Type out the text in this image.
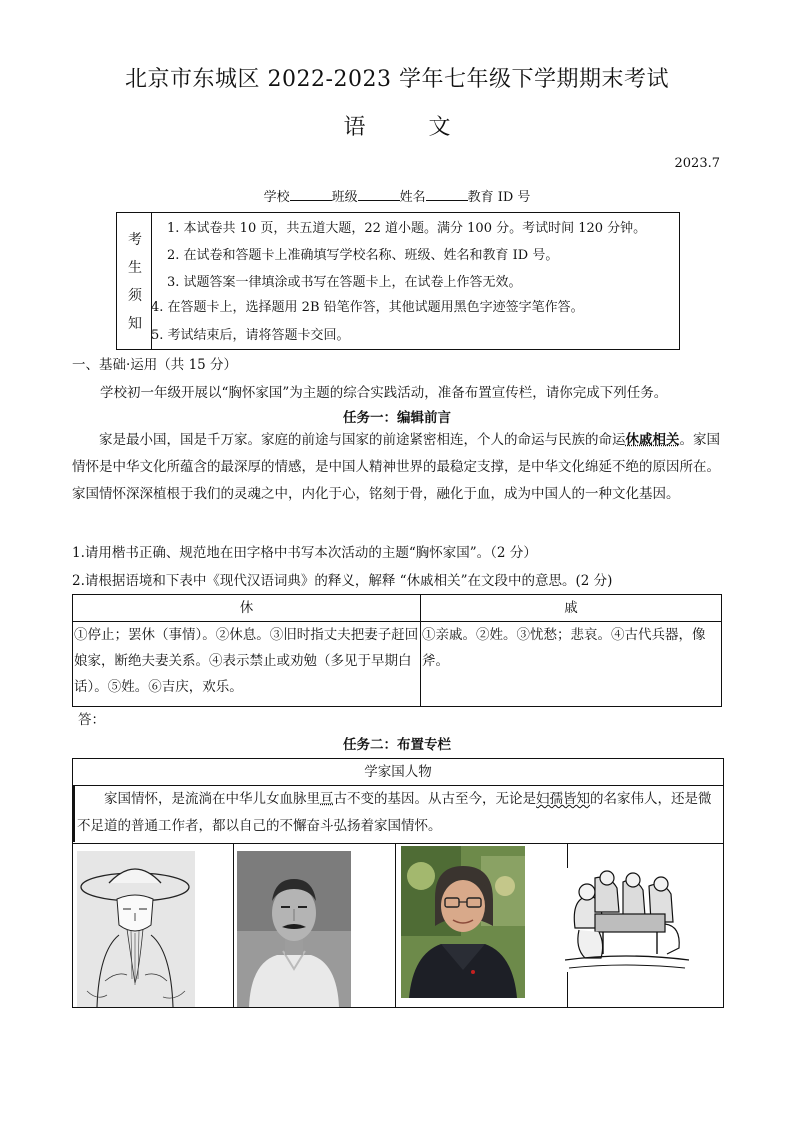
北京市东城区 2022-2023 学年七年级下学期期末考试
语	文
2023.7
学校	班级	姓名	教育 ID 号
考
生
须
知
1. 本试卷共 10 页，共五道大题，22 道小题。满分 100 分。考试时间 120 分钟。
2. 在试卷和答题卡上准确填写学校名称、班级、姓名和教育 ID 号。
3. 试题答案一律填涂或书写在答题卡上，在试卷上作答无效。
4. 在答题卡上，选择题用 2B 铅笔作答，其他试题用黑色字迹签字笔作答。
5. 考试结束后，请将答题卡交回。
一、基础·运用（共 15 分）
学校初一年级开展以“胸怀家国”为主题的综合实践活动，准备布置宣传栏，请你完成下列任务。
任务一：编辑前言
家是最小国，国是千万家。家庭的前途与国家的前途紧密相连，个人的命运与民族的命运休戚相关。家国情怀是中华文化所蕴含的最深厚的情感，是中国人精神世界的最稳定支撑，是中华文化绵延不绝的原因所在。家国情怀深深植根于我们的灵魂之中，内化于心，铭刻于骨，融化于血，成为中国人的一种文化基因。
1.请用楷书正确、规范地在田字格中书写本次活动的主题“胸怀家国”。（2 分）
2.请根据语境和下表中《现代汉语词典》的释义，解释 “休戚相关”在文段中的意思。(2 分)
休	戚
①停止；罢休（事情）。②休息。③旧时指丈夫把妻子赶回娘家，断绝夫妻关系。④表示禁止或劝勉（多见于早期白话）。⑤姓。⑥吉庆，欢乐。	①亲戚。②姓。③忧愁；悲哀。④古代兵器，像斧。
答：
任务二：布置专栏
学家国人物
家国情怀，是流淌在中华儿女血脉里亘古不变的基因。从古至今，无论是妇孺皆知的名家伟人，还是微不足道的普通工作者，都以自己的不懈奋斗弘扬着家国情怀。
